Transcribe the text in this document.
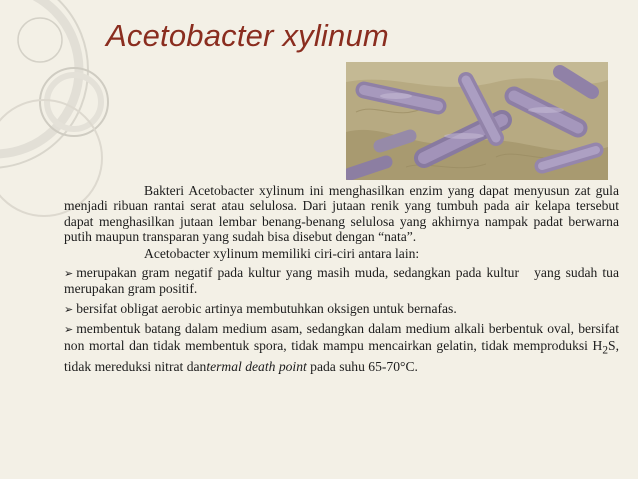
Acetobacter xylinum

Bakteri Acetobacter xylinum ini menghasilkan enzim yang dapat menyusun zat gula menjadi ribuan rantai serat atau selulosa. Dari jutaan renik yang tumbuh pada air kelapa tersebut dapat menghasilkan jutaan lembar benang-benang selulosa yang akhirnya nampak padat berwarna putih maupun transparan yang sudah bisa disebut dengan “nata”.

Acetobacter xylinum memiliki ciri-ciri antara lain:

➢ merupakan gram negatif pada kultur yang masih muda, sedangkan pada kultur   yang sudah tua merupakan gram positif.

➢ bersifat obligat aerobic artinya membutuhkan oksigen untuk bernafas.

➢ membentuk batang dalam medium asam, sedangkan dalam medium alkali berbentuk oval, bersifat non mortal dan tidak membentuk spora, tidak mampu mencairkan gelatin, tidak memproduksi $H_2S$, tidak mereduksi nitrat dantermal death point pada suhu 65-70°C.
